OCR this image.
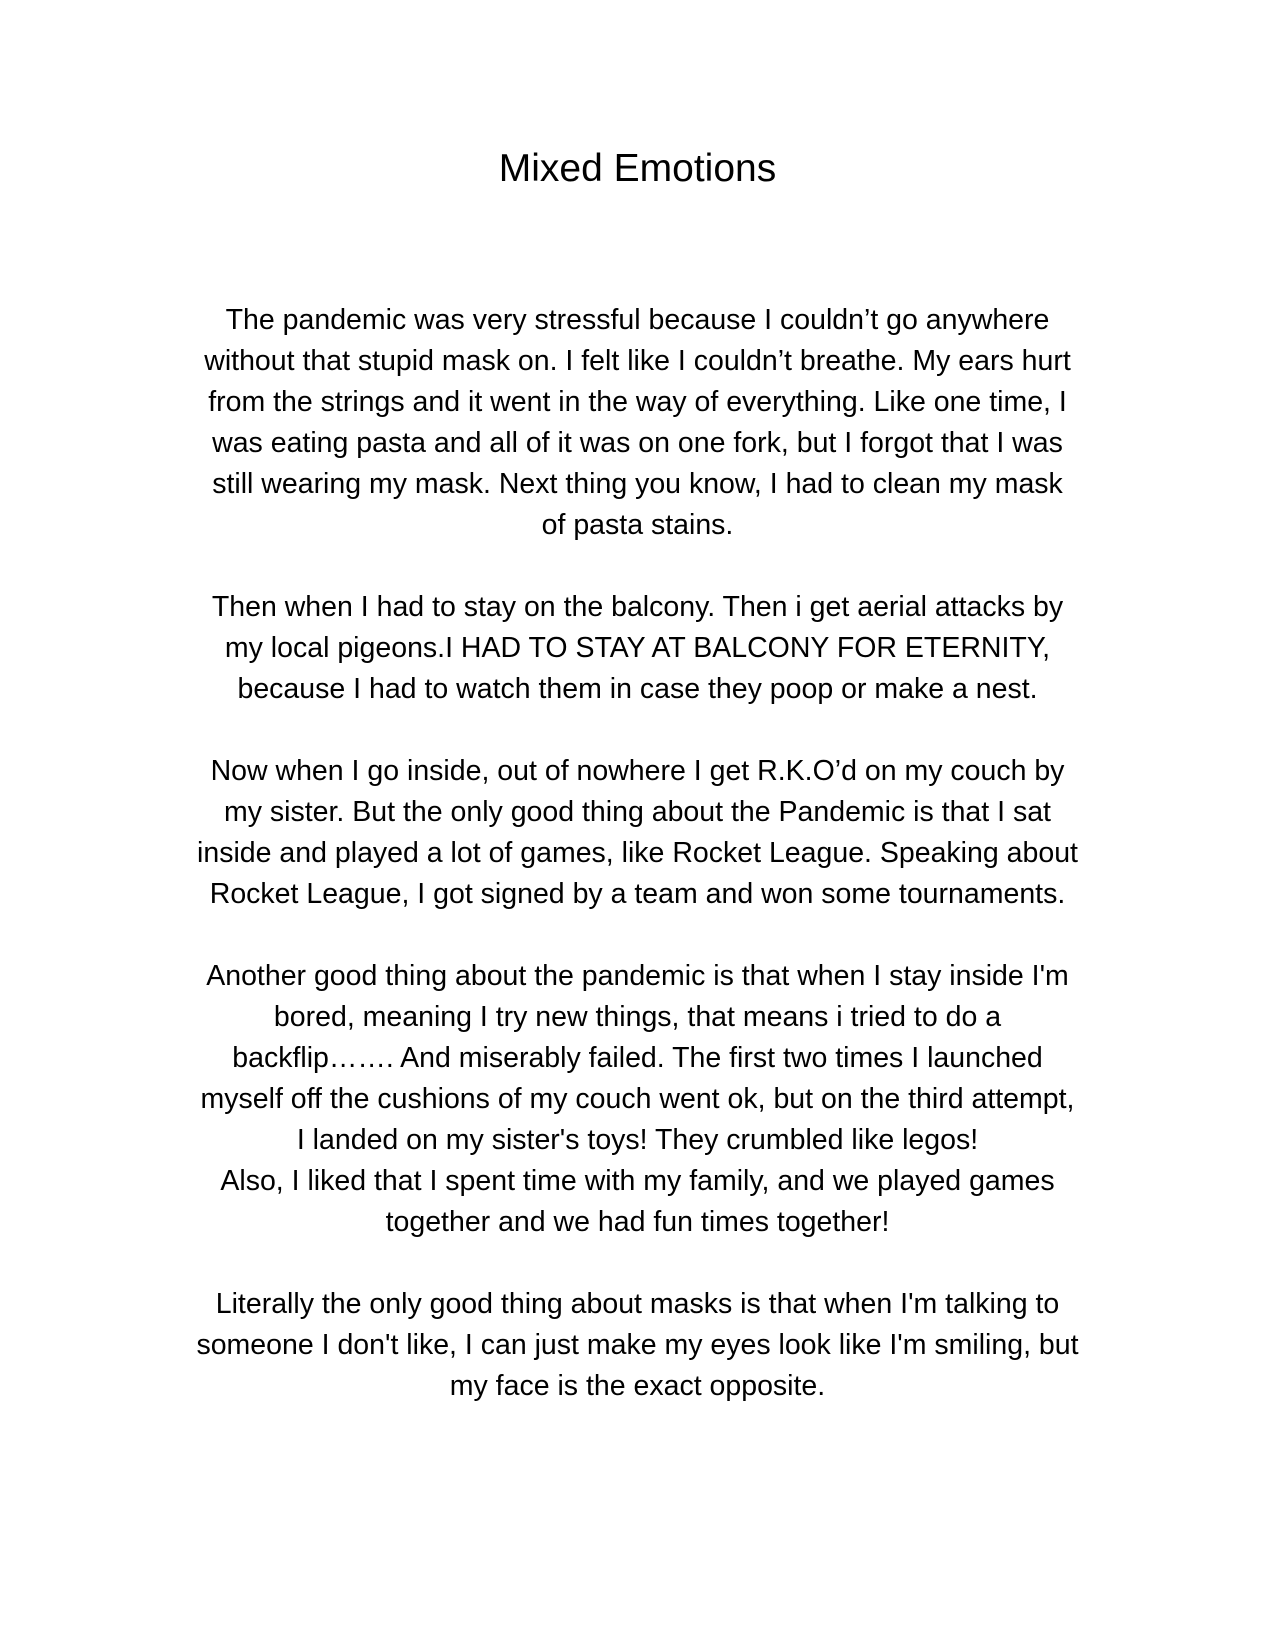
Mixed Emotions

The pandemic was very stressful because I couldn’t go anywhere
without that stupid mask on. I felt like I couldn’t breathe. My ears hurt
from the strings and it went in the way of everything. Like one time, I
was eating pasta and all of it was on one fork, but I forgot that I was
still wearing my mask. Next thing you know, I had to clean my mask
of pasta stains.

Then when I had to stay on the balcony. Then i get aerial attacks by
my local pigeons.I HAD TO STAY AT BALCONY FOR ETERNITY,
because I had to watch them in case they poop or make a nest.

Now when I go inside, out of nowhere I get R.K.O’d on my couch by
my sister. But the only good thing about the Pandemic is that I sat
inside and played a lot of games, like Rocket League. Speaking about
Rocket League, I got signed by a team and won some tournaments.

Another good thing about the pandemic is that when I stay inside I'm
bored, meaning I try new things, that means i tried to do a
backflip……. And miserably failed. The first two times I launched
myself off the cushions of my couch went ok, but on the third attempt,
I landed on my sister's toys! They crumbled like legos!
Also, I liked that I spent time with my family, and we played games
together and we had fun times together!

Literally the only good thing about masks is that when I'm talking to
someone I don't like, I can just make my eyes look like I'm smiling, but
my face is the exact opposite.
